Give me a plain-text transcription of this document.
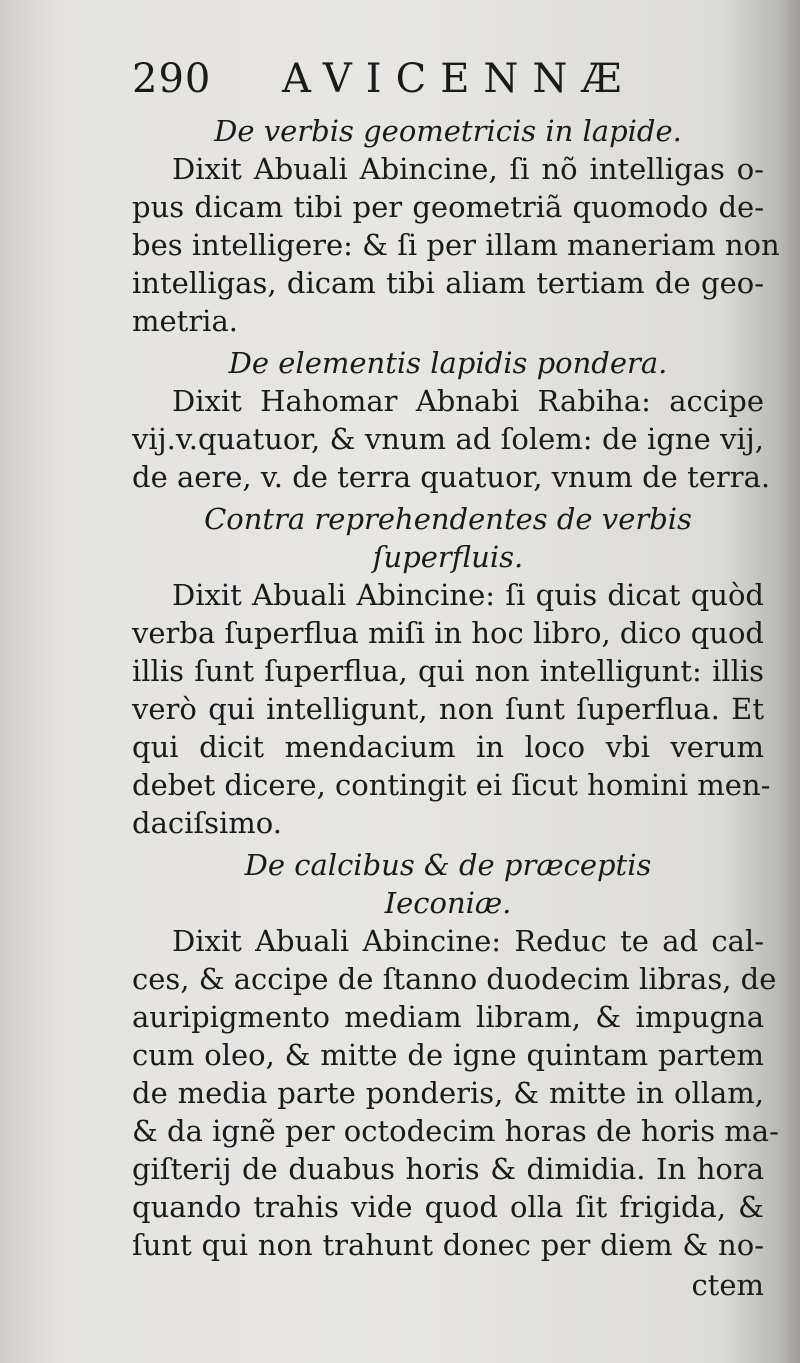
290 AVICENNÆ

De verbis geometricis in lapide.

Dixit Abuali Abincine, ſi nõ intelligas o-
pus dicam tibi per geometriã quomodo de-
bes intelligere: & ſi per illam maneriam non
intelligas, dicam tibi aliam tertiam de geo-
metria.

De elementis lapidis pondera.

Dixit Hahomar Abnabi Rabiha: accipe
vij.v.quatuor, & vnum ad ſolem: de igne vij,
de aere, v. de terra quatuor, vnum de terra.

Contra reprehendentes de verbis
ſuperfluis.

Dixit Abuali Abincine: ſi quis dicat quòd
verba ſuperflua miſi in hoc libro, dico quod
illis ſunt ſuperflua, qui non intelligunt: illis
verò qui intelligunt, non ſunt ſuperflua. Et
qui dicit mendacium in loco vbi verum
debet dicere, contingit ei ſicut homini men-
daciſsimo.

De calcibus & de præceptis
Ieconiæ.

Dixit Abuali Abincine: Reduc te ad cal-
ces, & accipe de ſtanno duodecim libras, de
auripigmento mediam libram, & impugna
cum oleo, & mitte de igne quintam partem
de media parte ponderis, & mitte in ollam,
& da ignẽ per octodecim horas de horis ma-
giſterij de duabus horis & dimidia. In hora
quando trahis vide quod olla ſit frigida, &
ſunt qui non trahunt donec per diem & no-
ctem
